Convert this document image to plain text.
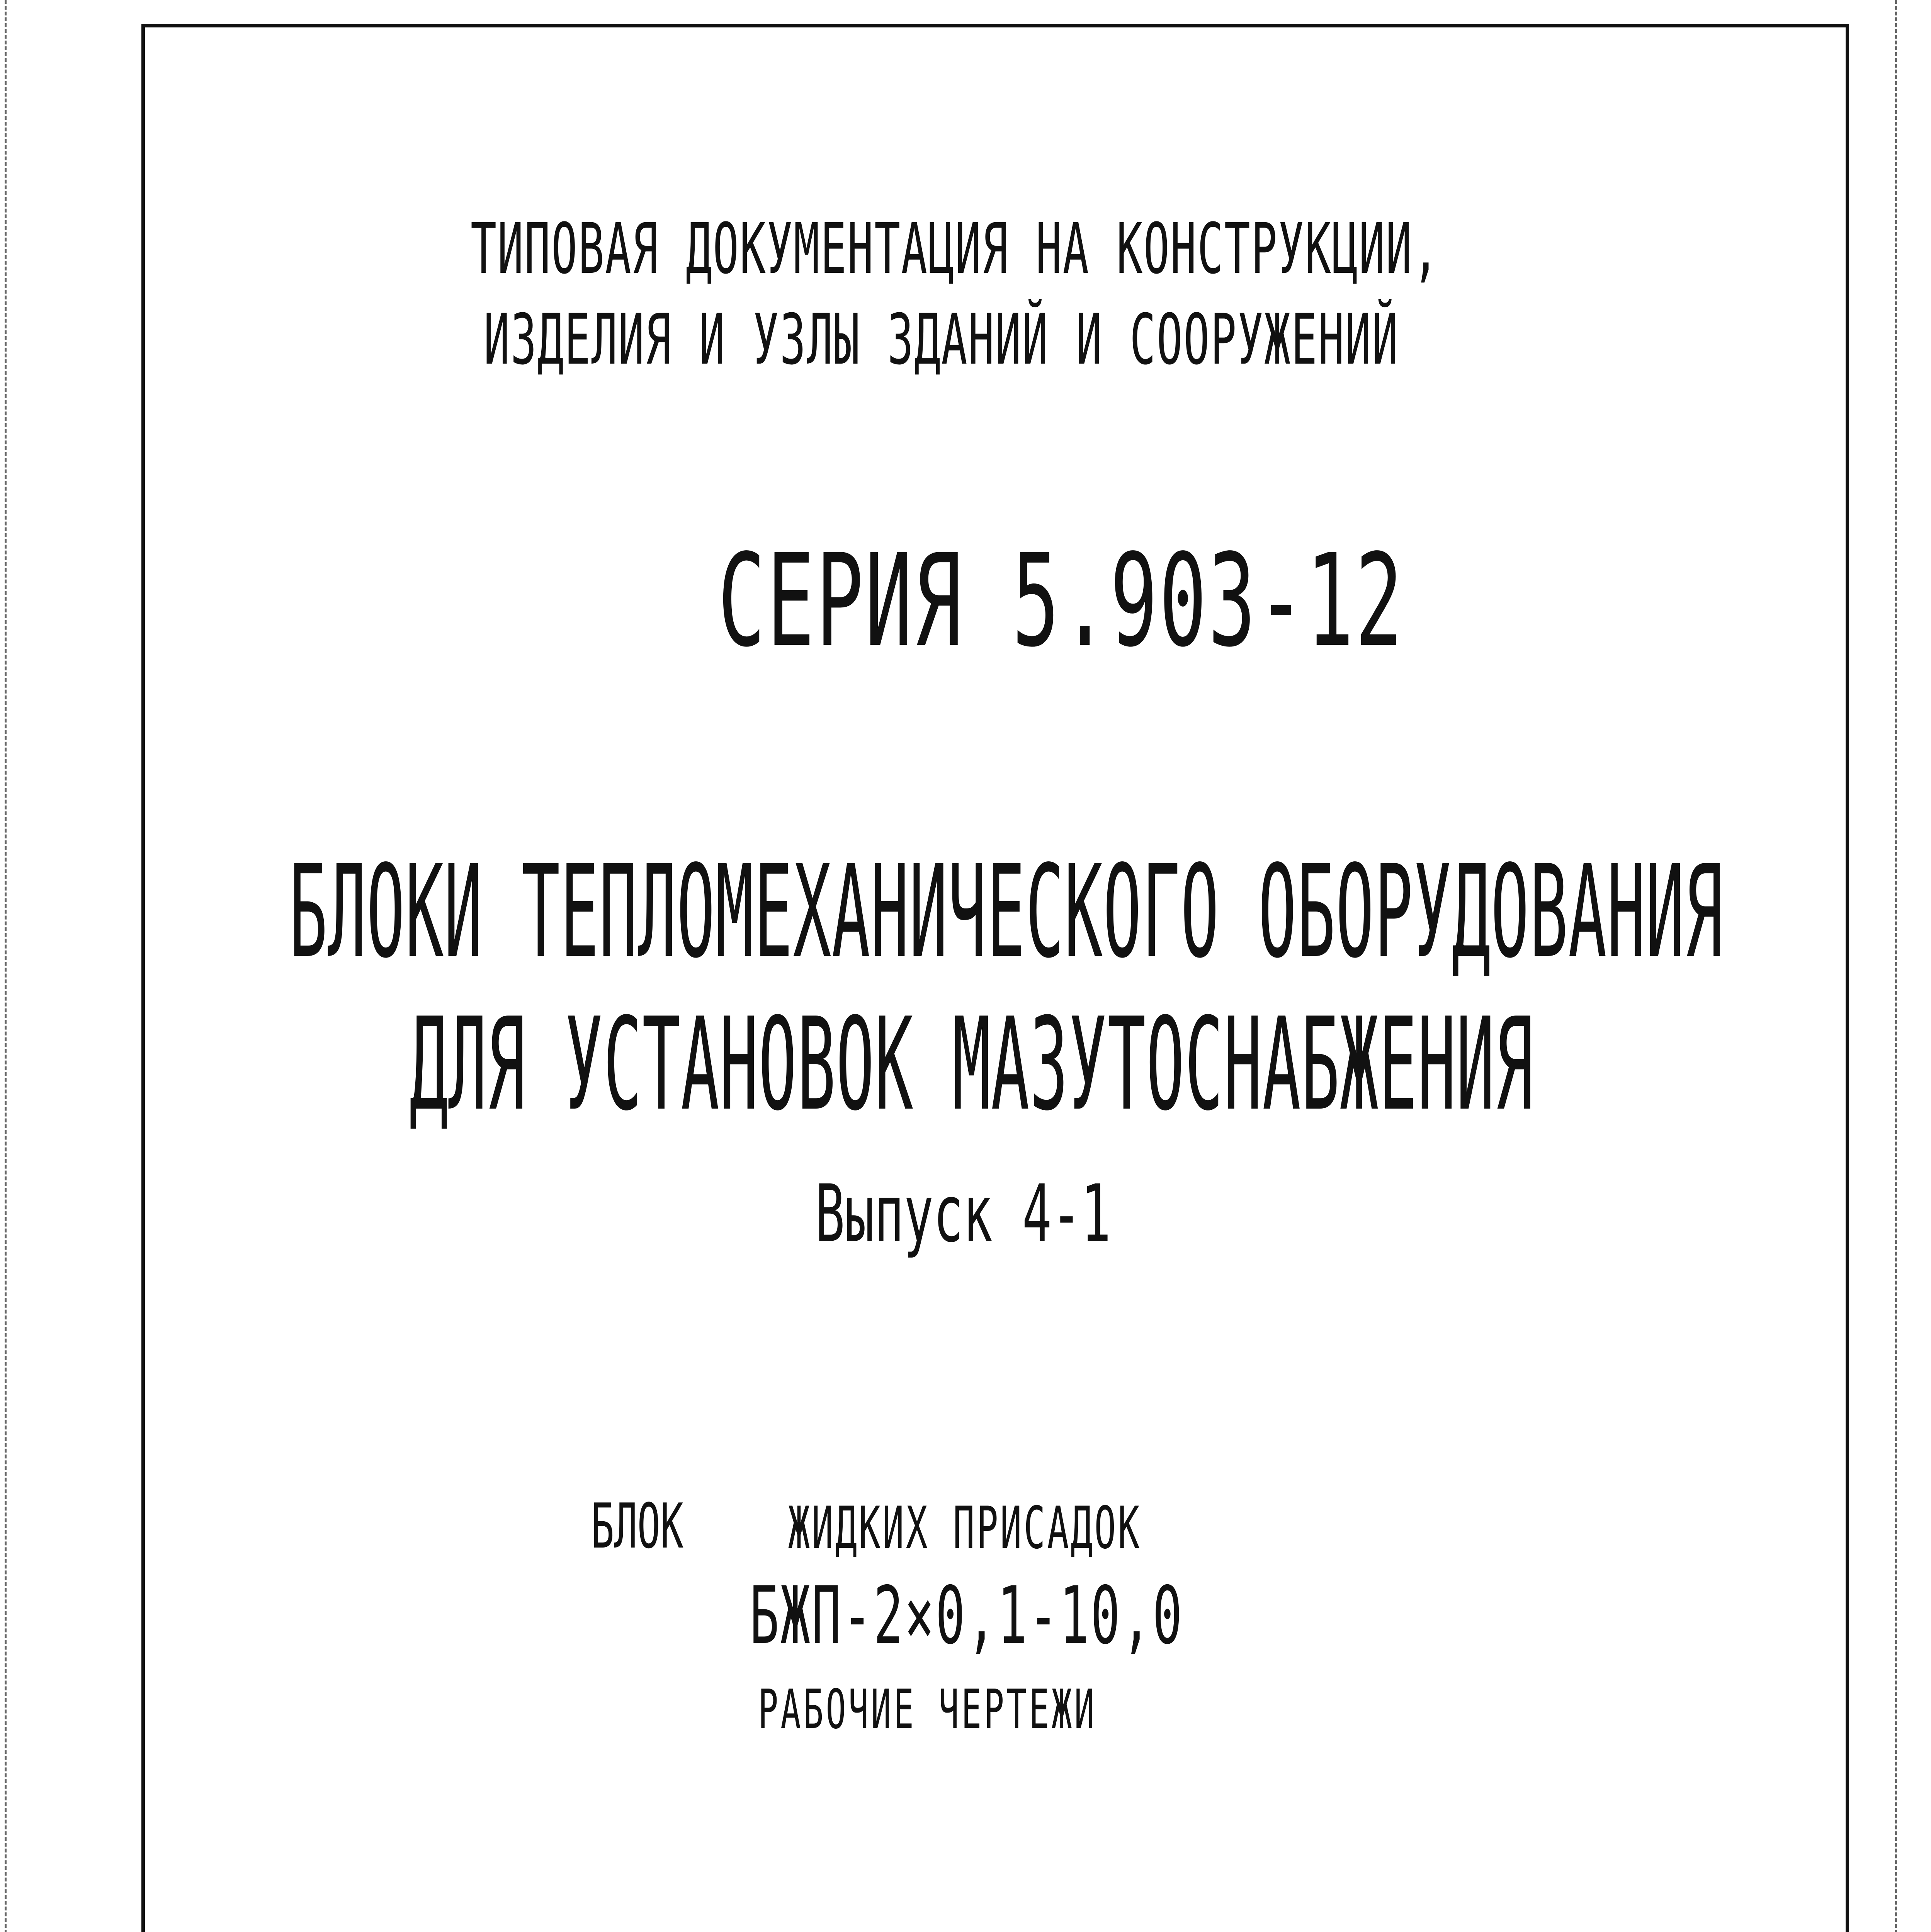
ТИПОВАЯ ДОКУМЕНТАЦИЯ НА КОНСТРУКЦИИ,
ИЗДЕЛИЯ И УЗЛЫ ЗДАНИЙ И СООРУЖЕНИЙ
СЕРИЯ 5.903-12
БЛОКИ ТЕПЛОМЕХАНИЧЕСКОГО ОБОРУДОВАНИЯ
ДЛЯ УСТАНОВОК МАЗУТОСНАБЖЕНИЯ
Выпуск 4-1
БЛОК ЖИДКИХ ПРИСАДОК
БЖП-2×0,1-10,0
РАБОЧИЕ ЧЕРТЕЖИ
